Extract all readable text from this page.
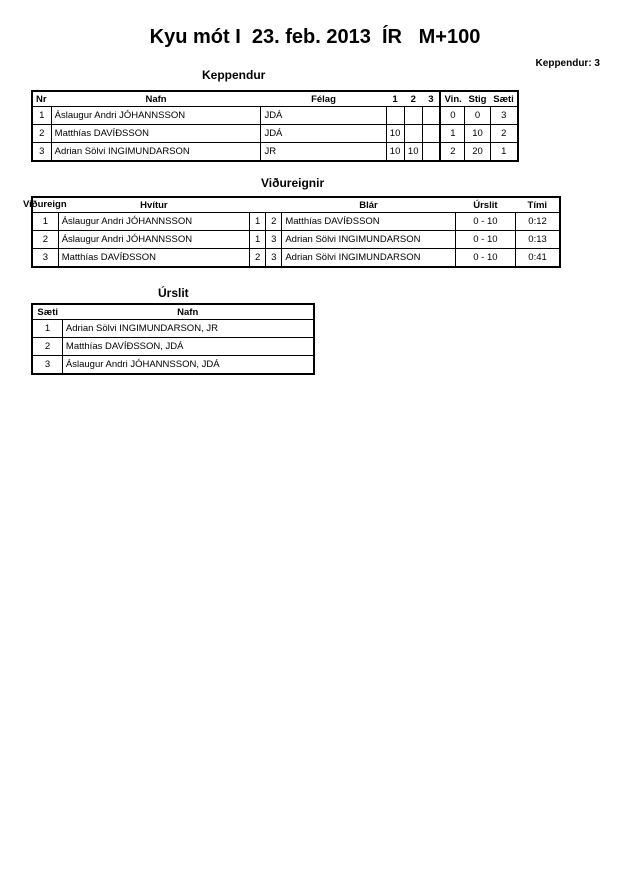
Kyu mót I  23. feb. 2013  ÍR   M+100
Keppendur: 3
Keppendur
Nr	Nafn	Félag	1	2	3	Vin.	Stig	Sæti
1	Áslaugur Andri JÓHANNSSON	JDÁ				0	0	3
2	Matthías DAVÍÐSSON	JDÁ	10			1	10	2
3	Adrian Sölvi INGIMUNDARSON	JR	10	10		2	20	1
Viðureignir
Viðureign	Hvítur			Blár	Úrslit	Tími
1	Áslaugur Andri JÓHANNSSON	1	2	Matthías DAVÍÐSSON	0 - 10	0:12
2	Áslaugur Andri JÓHANNSSON	1	3	Adrian Sölvi INGIMUNDARSON	0 - 10	0:13
3	Matthías DAVÍÐSSON	2	3	Adrian Sölvi INGIMUNDARSON	0 - 10	0:41
Úrslit
Sæti	Nafn
1	Adrian Sölvi INGIMUNDARSON, JR
2	Matthías DAVÍÐSSON, JDÁ
3	Áslaugur Andri JÓHANNSSON, JDÁ
